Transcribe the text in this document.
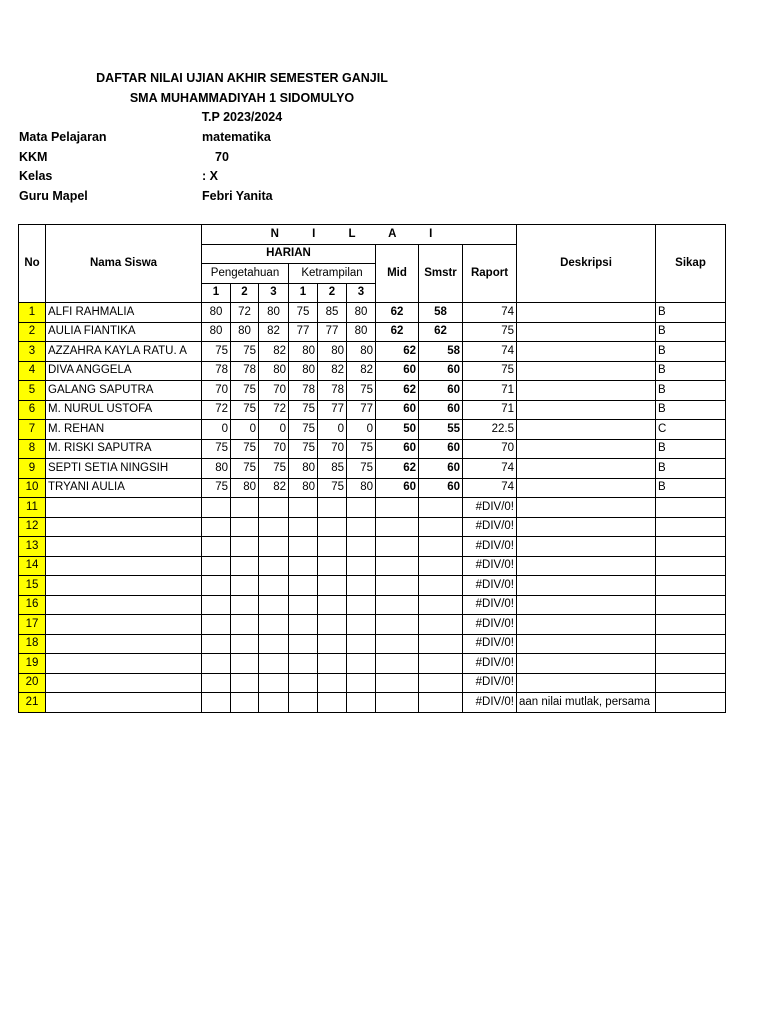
DAFTAR NILAI UJIAN AKHIR SEMESTER GANJIL
SMA MUHAMMADIYAH 1 SIDOMULYO
T.P 2023/2024
Mata Pelajaran	matematika
KKM	70
Kelas	: X
Guru Mapel	Febri Yanita
No	Nama Siswa	N I L A I									Deskripsi	Sikap
		HARIAN						Mid	Smstr	Raport		
		Pengetahuan			Ketrampilan							
		1	2	3	1	2	3					
1	ALFI RAHMALIA	80	72	80	75	85	80	62	58	74		B
2	AULIA FIANTIKA	80	80	82	77	77	80	62	62	75		B
3	AZZAHRA KAYLA RATU. A	75	75	82	80	80	80	62	58	74		B
4	DIVA ANGGELA	78	78	80	80	82	82	60	60	75		B
5	GALANG SAPUTRA	70	75	70	78	78	75	62	60	71		B
6	M. NURUL USTOFA	72	75	72	75	77	77	60	60	71		B
7	M. REHAN	0	0	0	75	0	0	50	55	22.5		C
8	M. RISKI SAPUTRA	75	75	70	75	70	75	60	60	70		B
9	SEPTI SETIA NINGSIH	80	75	75	80	85	75	62	60	74		B
10	TRYANI AULIA	75	80	82	80	75	80	60	60	74		B
11										#DIV/0!		
12										#DIV/0!		
13										#DIV/0!		
14										#DIV/0!		
15										#DIV/0!		
16										#DIV/0!		
17										#DIV/0!		
18										#DIV/0!		
19										#DIV/0!		
20										#DIV/0!		
21										#DIV/0!	aan nilai mutlak, persama	
